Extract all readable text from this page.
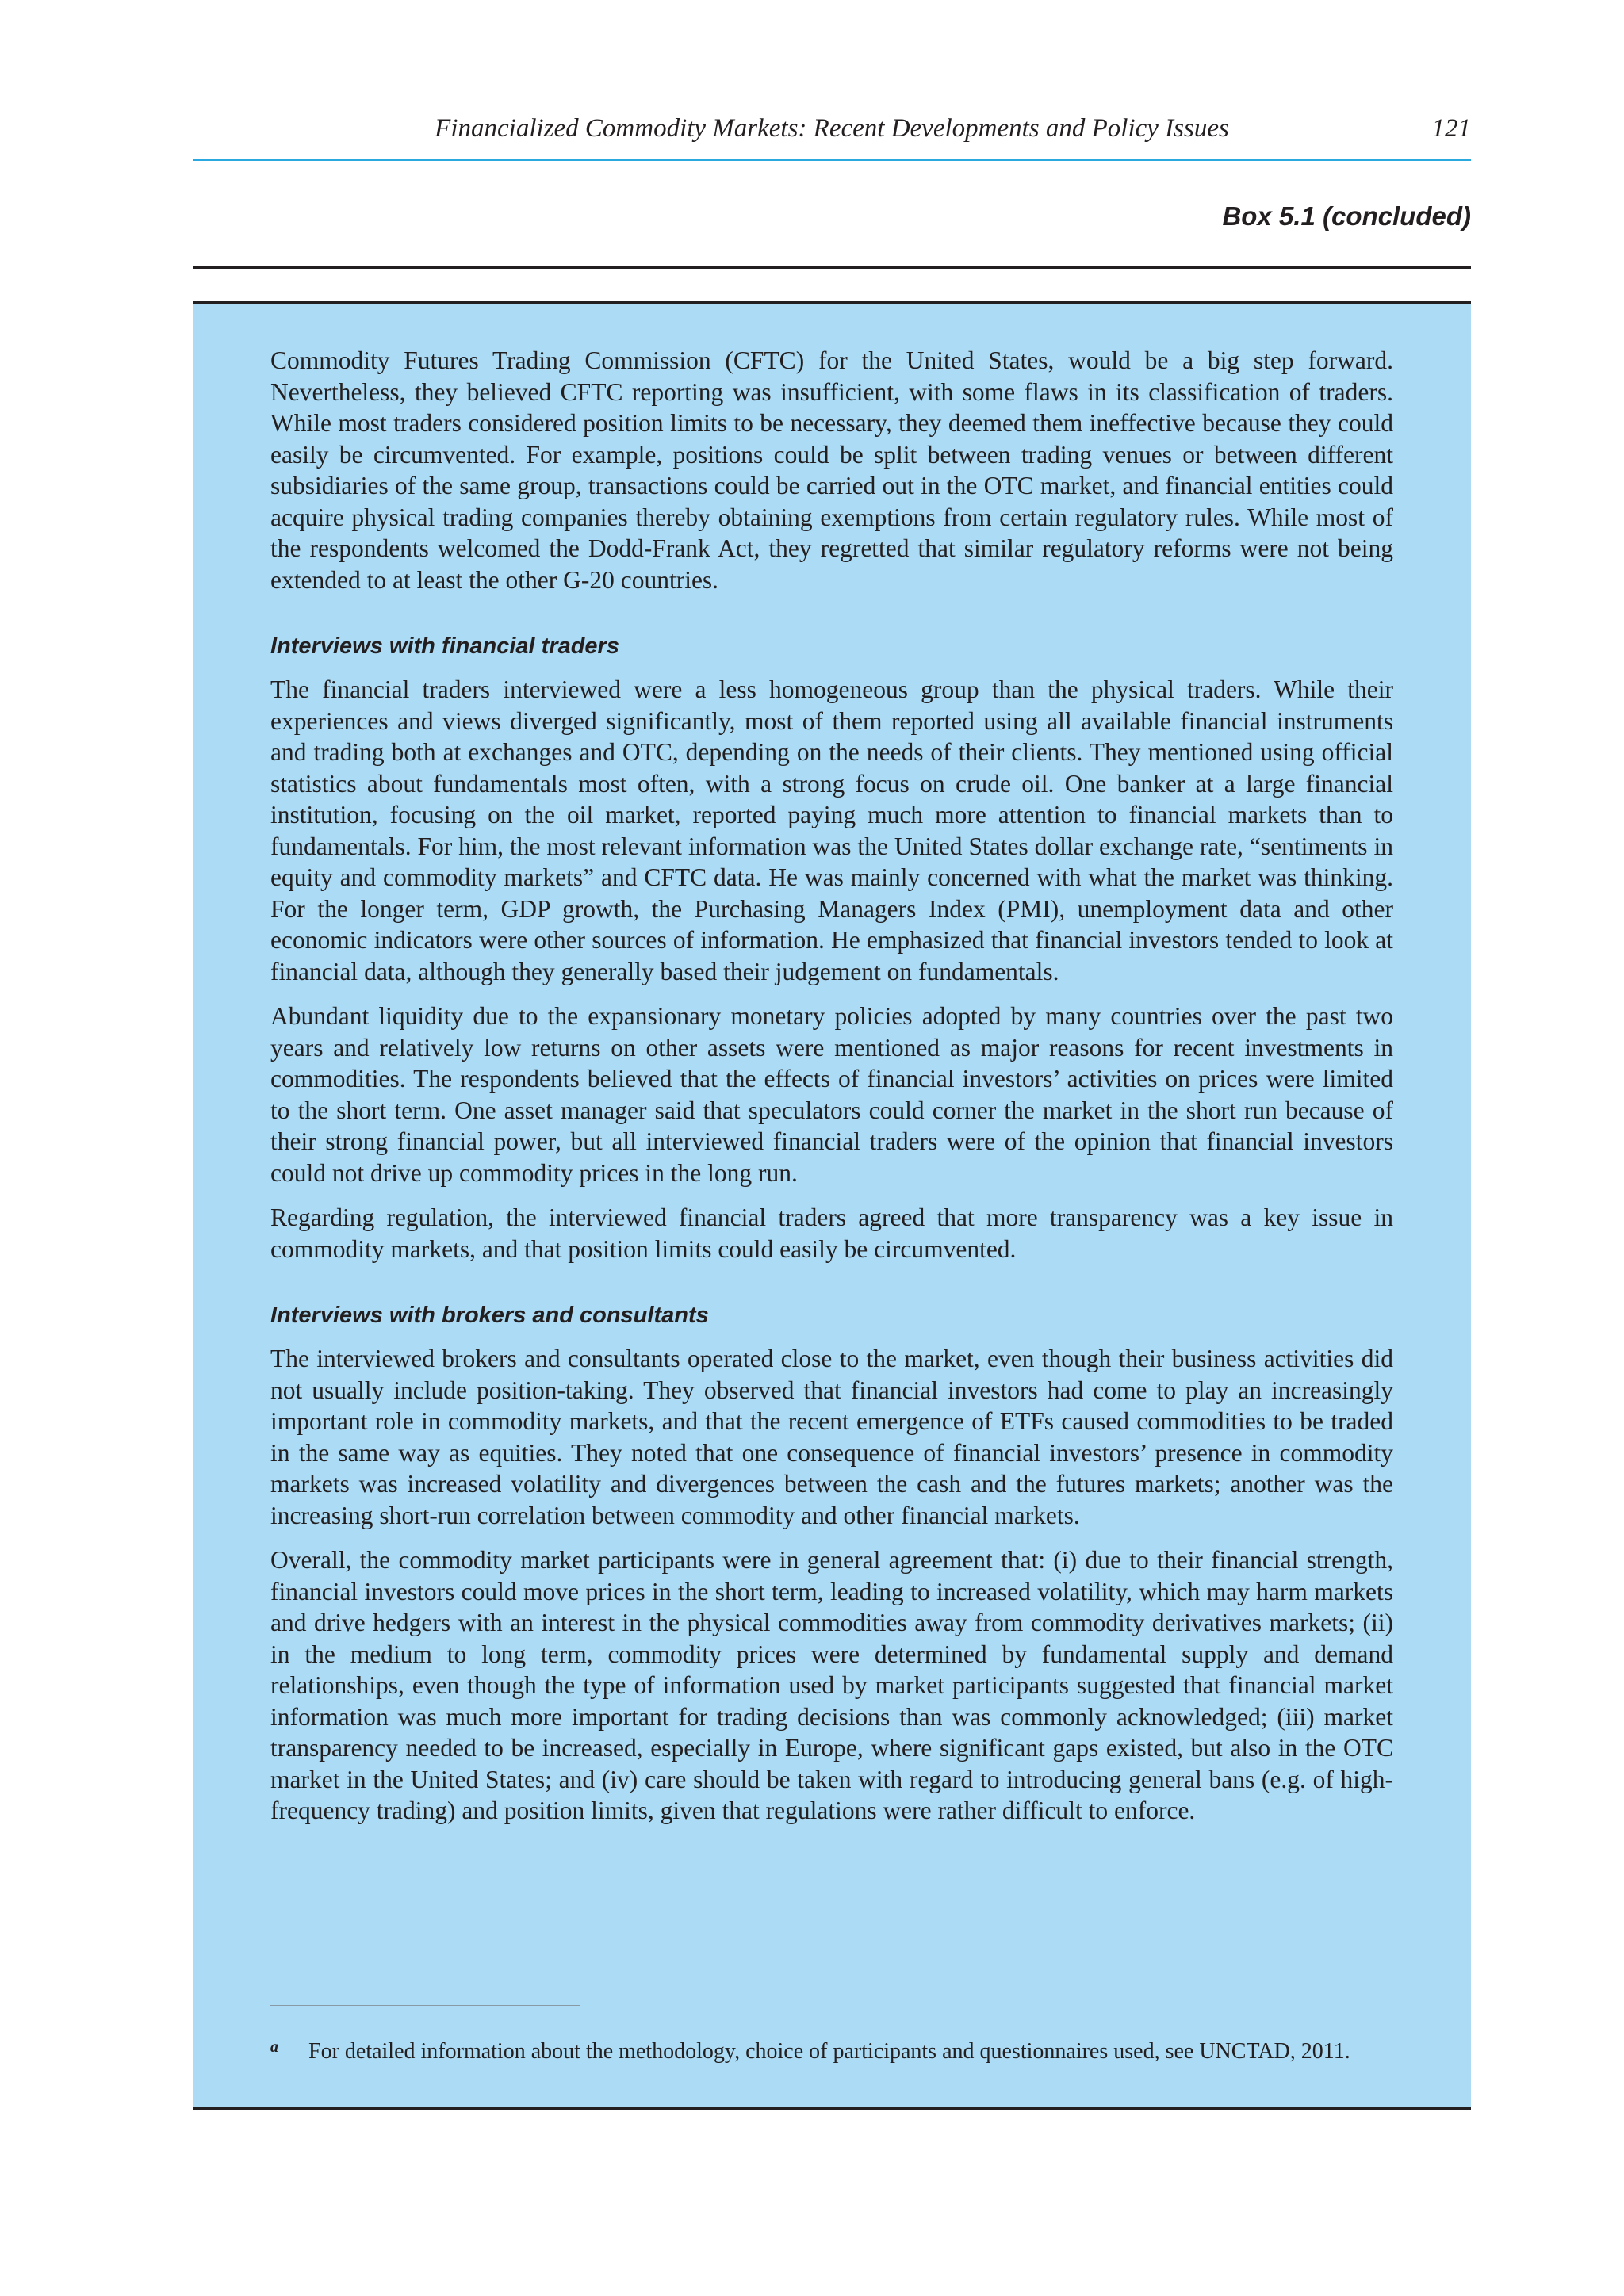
Financialized Commodity Markets: Recent Developments and Policy Issues	121
Box 5.1 (concluded)

Commodity Futures Trading Commission (CFTC) for the United States, would be a big step forward. Nevertheless, they believed CFTC reporting was insufficient, with some flaws in its classification of traders. While most traders considered position limits to be necessary, they deemed them ineffective because they could easily be circumvented. For example, positions could be split between trading venues or between different subsidiaries of the same group, transactions could be carried out in the OTC market, and financial entities could acquire physical trading companies thereby obtaining exemptions from certain regulatory rules. While most of the respondents welcomed the Dodd-Frank Act, they regretted that similar regulatory reforms were not being extended to at least the other G-20 countries.

Interviews with financial traders

The financial traders interviewed were a less homogeneous group than the physical traders. While their experiences and views diverged significantly, most of them reported using all available financial instruments and trading both at exchanges and OTC, depending on the needs of their clients. They mentioned using official statistics about fundamentals most often, with a strong focus on crude oil. One banker at a large financial institution, focusing on the oil market, reported paying much more attention to financial markets than to fundamentals. For him, the most relevant information was the United States dollar exchange rate, “sentiments in equity and commodity markets” and CFTC data. He was mainly concerned with what the market was thinking. For the longer term, GDP growth, the Purchasing Managers Index (PMI), unemployment data and other economic indicators were other sources of information. He emphasized that financial investors tended to look at financial data, although they generally based their judgement on fundamentals.

Abundant liquidity due to the expansionary monetary policies adopted by many countries over the past two years and relatively low returns on other assets were mentioned as major reasons for recent investments in commodities. The respondents believed that the effects of financial investors’ activities on prices were limited to the short term. One asset manager said that speculators could corner the market in the short run because of their strong financial power, but all interviewed financial traders were of the opinion that financial investors could not drive up commodity prices in the long run.

Regarding regulation, the interviewed financial traders agreed that more transparency was a key issue in commodity markets, and that position limits could easily be circumvented.

Interviews with brokers and consultants

The interviewed brokers and consultants operated close to the market, even though their business activities did not usually include position-taking. They observed that financial investors had come to play an increasingly important role in commodity markets, and that the recent emergence of ETFs caused commodities to be traded in the same way as equities. They noted that one consequence of financial investors’ presence in commodity markets was increased volatility and divergences between the cash and the futures markets; another was the increasing short-run correlation between commodity and other financial markets.

Overall, the commodity market participants were in general agreement that: (i) due to their financial strength, financial investors could move prices in the short term, leading to increased volatility, which may harm markets and drive hedgers with an interest in the physical commodities away from commodity derivatives markets; (ii) in the medium to long term, commodity prices were determined by fundamental supply and demand relationships, even though the type of information used by market participants suggested that financial market information was much more important for trading decisions than was commonly acknowledged; (iii) market transparency needed to be increased, especially in Europe, where significant gaps existed, but also in the OTC market in the United States; and (iv) care should be taken with regard to introducing general bans (e.g. of high-frequency trading) and position limits, given that regulations were rather difficult to enforce.

a For detailed information about the methodology, choice of participants and questionnaires used, see UNCTAD, 2011.
